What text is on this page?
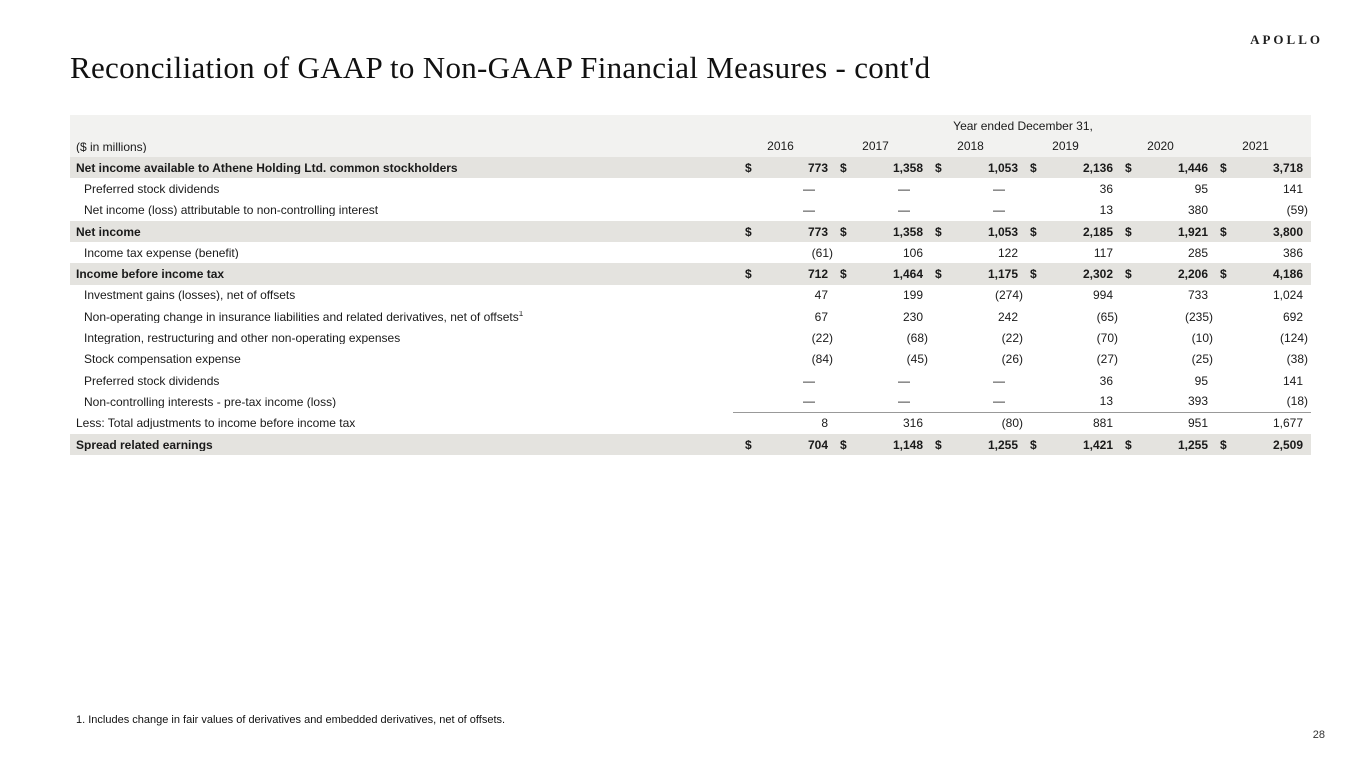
APOLLO
Reconciliation of GAAP to Non-GAAP Financial Measures - cont'd
Year ended December 31,
($ in millions)	2016	2017	2018	2019	2020	2021
Net income available to Athene Holding Ltd. common stockholders	$	773 $	1,358 $	1,053 $	2,136 $	1,446 $	3,718
Preferred stock dividends	—	—	—	36	95	141
Net income (loss) attributable to non-controlling interest	—	—	—	13	380	(59)
Net income	$	773 $	1,358 $	1,053 $	2,185 $	1,921 $	3,800
Income tax expense (benefit)	(61)	106	122	117	285	386
Income before income tax	$	712 $	1,464 $	1,175 $	2,302 $	2,206 $	4,186
Investment gains (losses), net of offsets	47	199	(274)	994	733	1,024
Non-operating change in insurance liabilities and related derivatives, net of offsets$^1$	67	230	242	(65)	(235)	692
Integration, restructuring and other non-operating expenses	(22)	(68)	(22)	(70)	(10)	(124)
Stock compensation expense	(84)	(45)	(26)	(27)	(25)	(38)
Preferred stock dividends	—	—	—	36	95	141
Non-controlling interests - pre-tax income (loss)	—	—	—	13	393	(18)
Less: Total adjustments to income before income tax	8	316	(80)	881	951	1,677
Spread related earnings	$	704 $	1,148 $	1,255 $	1,421 $	1,255 $	2,509
1. Includes change in fair values of derivatives and embedded derivatives, net of offsets.
28
